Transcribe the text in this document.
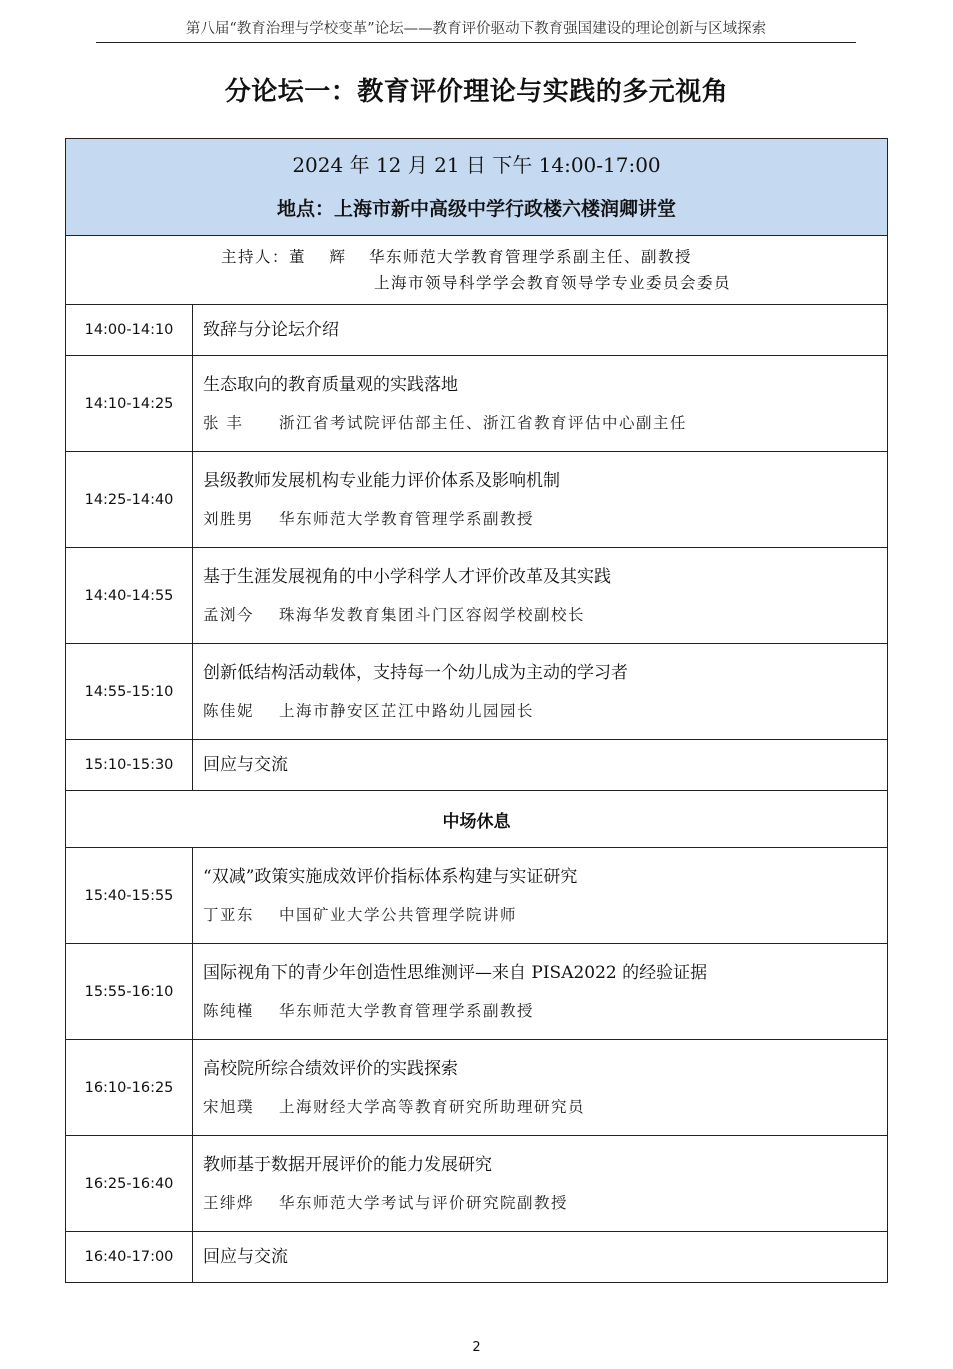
第八届“教育治理与学校变革”论坛——教育评价驱动下教育强国建设的理论创新与区域探索
分论坛一：教育评价理论与实践的多元视角
2024 年 12 月 21 日 下午 14:00-17:00
地点：上海市新中高级中学行政楼六楼润卿讲堂	

主持人：董 辉 华东师范大学教育管理学系副主任、副教授
上海市领导科学学会教育领导学专业委员会委员	

14:00-14:10	致辞与分论坛介绍

14:10-14:25	生态取向的教育质量观的实践落地
张 丰 浙江省考试院评估部主任、浙江省教育评估中心副主任

14:25-14:40	县级教师发展机构专业能力评价体系及影响机制
刘胜男 华东师范大学教育管理学系副教授

14:40-14:55	基于生涯发展视角的中小学科学人才评价改革及其实践
孟浏今 珠海华发教育集团斗门区容闳学校副校长

14:55-15:10	创新低结构活动载体，支持每一个幼儿成为主动的学习者
陈佳妮 上海市静安区芷江中路幼儿园园长

15:10-15:30	回应与交流

中场休息	
15:40-15:55	“双减”政策实施成效评价指标体系构建与实证研究
丁亚东 中国矿业大学公共管理学院讲师

15:55-16:10	国际视角下的青少年创造性思维测评—来自 PISA2022 的经验证据
陈纯槿 华东师范大学教育管理学系副教授

16:10-16:25	高校院所综合绩效评价的实践探索
宋旭璞 上海财经大学高等教育研究所助理研究员

16:25-16:40	教师基于数据开展评价的能力发展研究
王绯烨 华东师范大学考试与评价研究院副教授

16:40-17:00	回应与交流
2
